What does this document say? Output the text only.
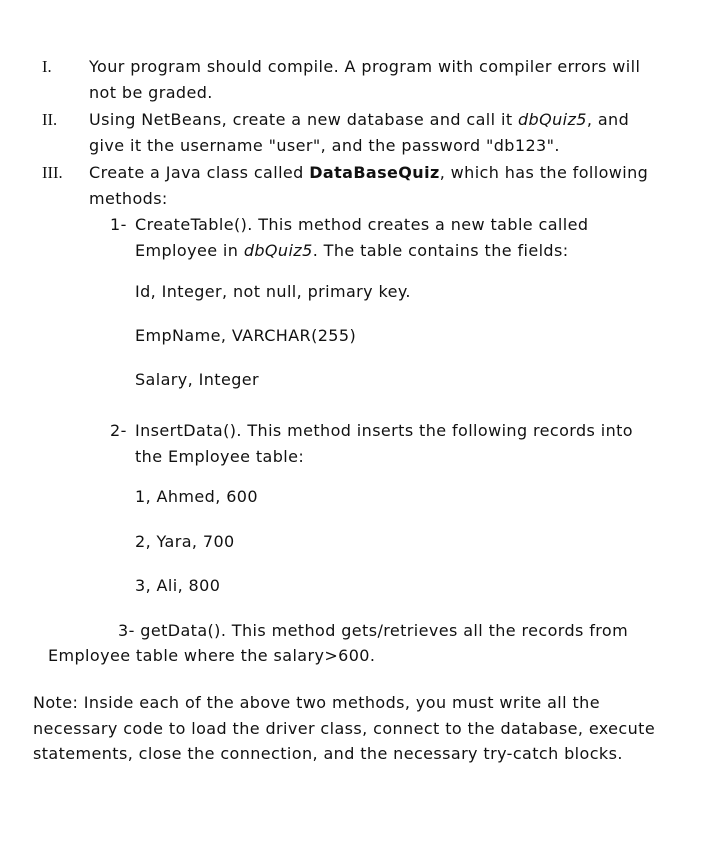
I. Your program should compile. A program with compiler errors will
not be graded.
II. Using NetBeans, create a new database and call it dbQuiz5, and
give it the username "user", and the password "db123".
III. Create a Java class called DataBaseQuiz, which has the following
methods:
1- CreateTable(). This method creates a new table called
Employee in dbQuiz5. The table contains the fields:
Id, Integer, not null, primary key.
EmpName, VARCHAR(255)
Salary, Integer
2- InsertData(). This method inserts the following records into
the Employee table:
1, Ahmed, 600
2, Yara, 700
3, Ali, 800
3- getData(). This method gets/retrieves all the records from
Employee table where the salary>600.
Note: Inside each of the above two methods, you must write all the
necessary code to load the driver class, connect to the database, execute
statements, close the connection, and the necessary try-catch blocks.
